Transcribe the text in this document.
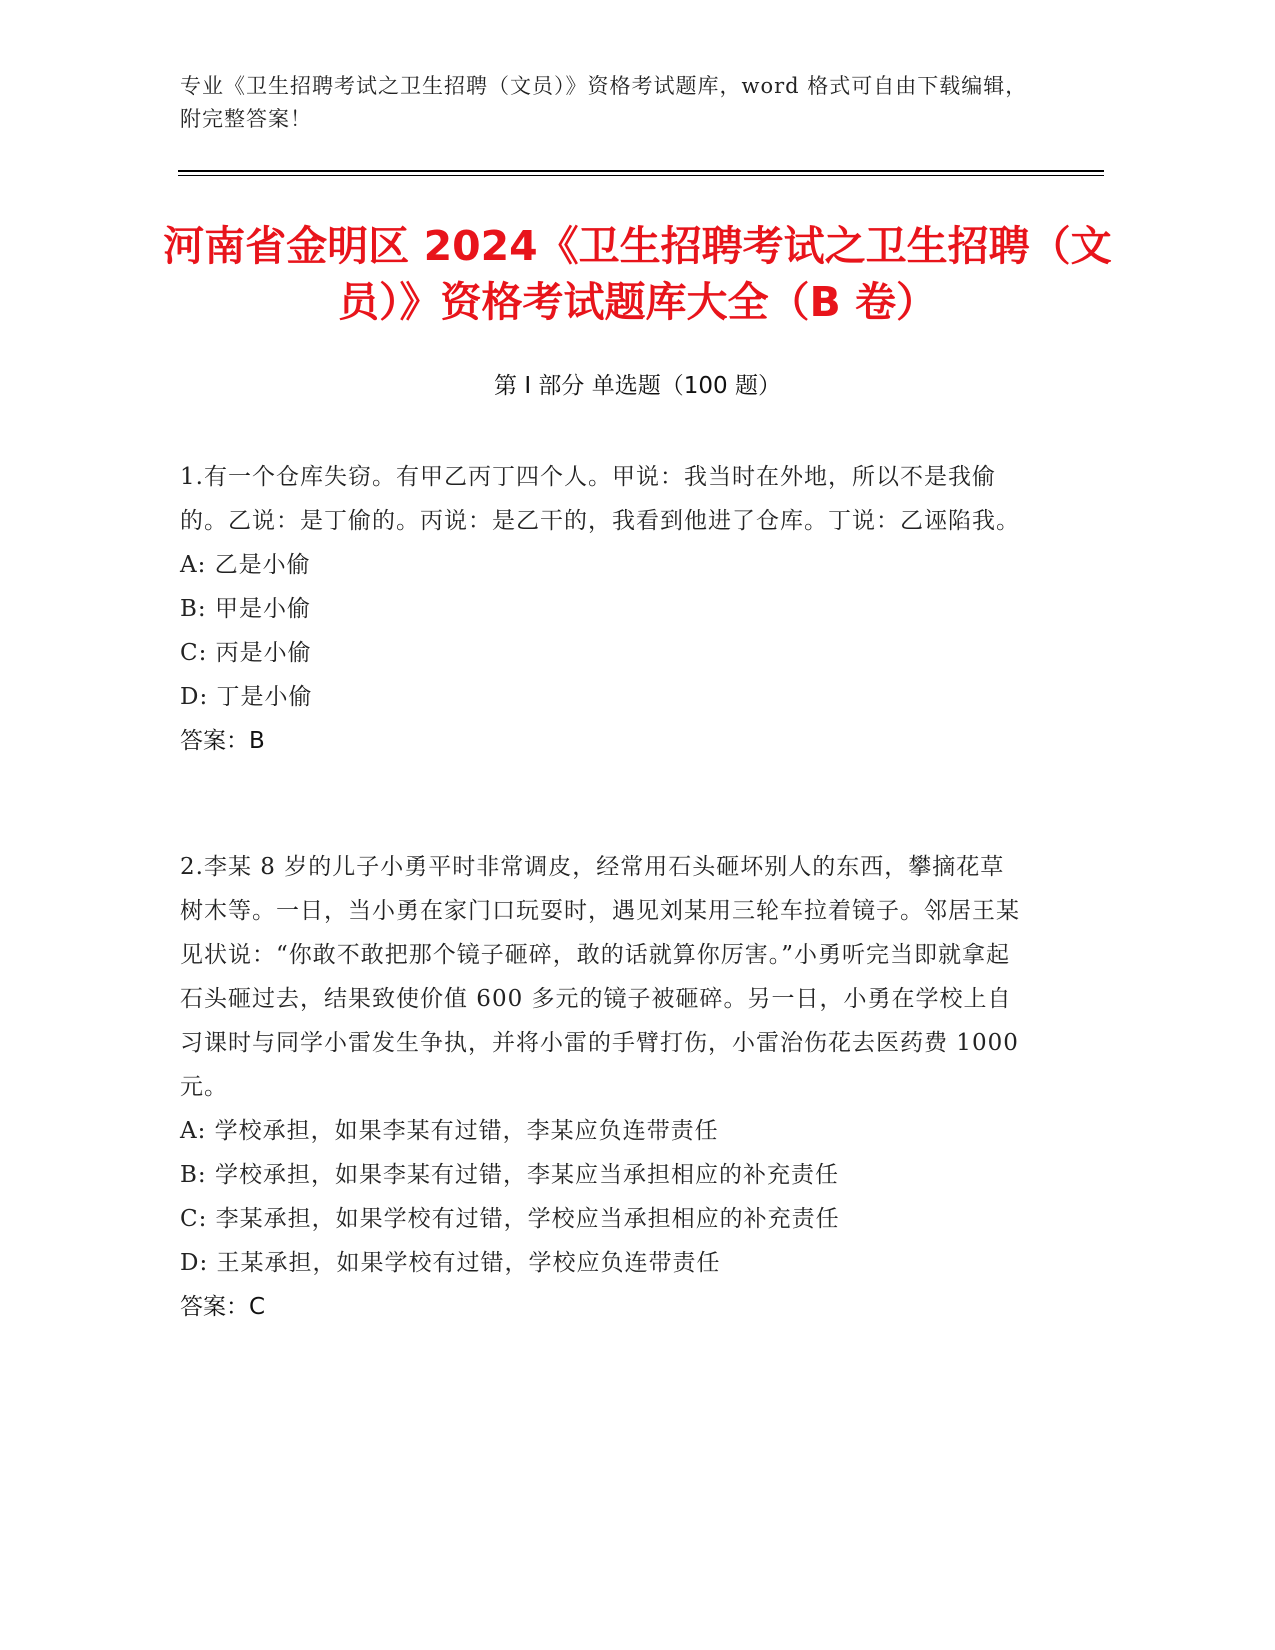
专业《卫生招聘考试之卫生招聘（文员）》资格考试题库，word 格式可自由下载编辑，附完整答案！
河南省金明区 2024《卫生招聘考试之卫生招聘（文员）》资格考试题库大全（B 卷）
第 I 部分 单选题（100 题）
1.有一个仓库失窃。有甲乙丙丁四个人。甲说：我当时在外地，所以不是我偷的。乙说：是丁偷的。丙说：是乙干的，我看到他进了仓库。丁说：乙诬陷我。
A: 乙是小偷
B: 甲是小偷
C: 丙是小偷
D: 丁是小偷
答案：B
2.李某 8 岁的儿子小勇平时非常调皮，经常用石头砸坏别人的东西，攀摘花草树木等。一日，当小勇在家门口玩耍时，遇见刘某用三轮车拉着镜子。邻居王某见状说：“你敢不敢把那个镜子砸碎，敢的话就算你厉害。”小勇听完当即就拿起石头砸过去，结果致使价值 600 多元的镜子被砸碎。另一日，小勇在学校上自习课时与同学小雷发生争执，并将小雷的手臂打伤，小雷治伤花去医药费 1000 元。
A: 学校承担，如果李某有过错，李某应负连带责任
B: 学校承担，如果李某有过错，李某应当承担相应的补充责任
C: 李某承担，如果学校有过错，学校应当承担相应的补充责任
D: 王某承担，如果学校有过错，学校应负连带责任
答案：C
